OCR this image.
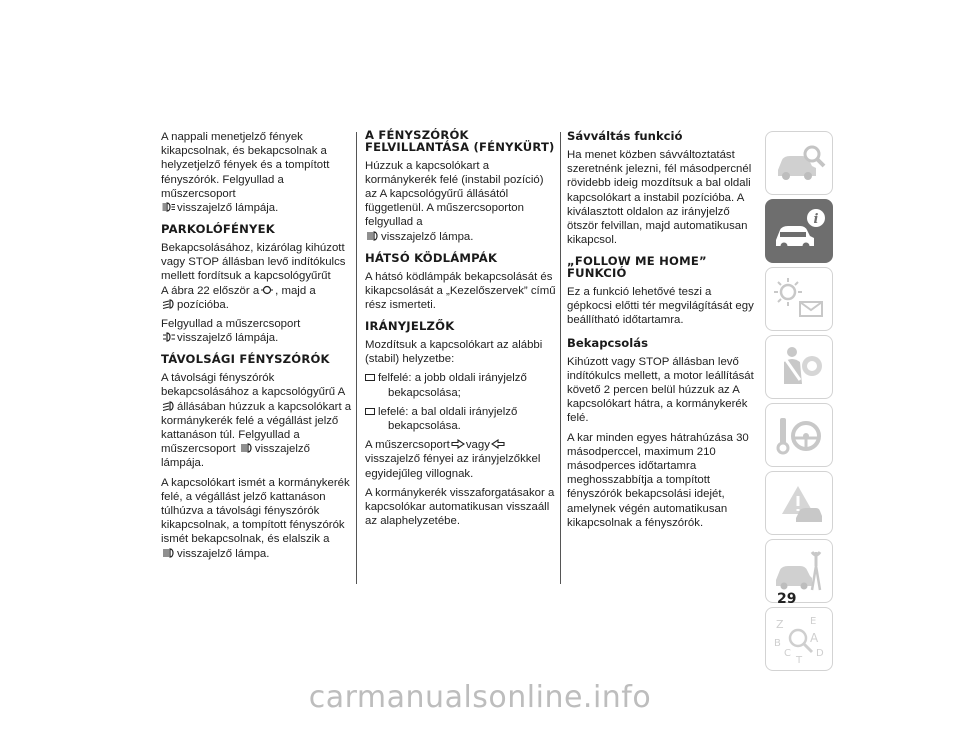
A nappali menetjelző fények kikapcsolnak, és bekapcsolnak a helyzetjelző fények és a tompított fényszórók. Felgyullad a műszercsoport

visszajelző lámpája.

PARKOLÓFÉNYEK

Bekapcsolásához, kizárólag kihúzott vagy STOP állásban levő indítókulcs mellett fordítsuk a kapcsológyűrűt
A ábra 22 először a , majd a

pozícióba.

Felgyullad a műszercsoport

visszajelző lámpája.

TÁVOLSÁGI FÉNYSZÓRÓK

A távolsági fényszórók bekapcsolásához a kapcsológyűrű A

állásában húzzuk a kapcsolókart a kormánykerék felé a végállást jelző kattanáson túl. Felgyullad a műszercsoport visszajelző lámpája.

A kapcsolókart ismét a kormánykerék felé, a végállást jelző kattanáson túlhúzva a távolsági fényszórók kikapcsolnak, a tompított fényszórók ismét bekapcsolnak, és elalszik a

visszajelző lámpa.

A FÉNYSZÓRÓK FELVILLANTÁSA (FÉNYKÜRT)

Húzzuk a kapcsolókart a kormánykerék felé (instabil pozíció) az A kapcsológyűrű állásától függetlenül. A műszercsoporton felgyullad a

visszajelző lámpa.

HÁTSÓ KÖDLÁMPÁK

A hátsó ködlámpák bekapcsolását és kikapcsolását a „Kezelőszervek” című rész ismerteti.

IRÁNYJELZŐK

Mozdítsuk a kapcsolókart az alábbi (stabil) helyzetbe:

felfelé: a jobb oldali irányjelző
bekapcsolása;
lefelé: a bal oldali irányjelző
bekapcsolása.

A műszercsoport vagy
visszajelző fényei az irányjelzőkkel egyidejűleg villognak.

A kormánykerék visszaforgatásakor a kapcsolókar automatikusan visszaáll az alaphelyzetébe.

Sávváltás funkció

Ha menet közben sávváltoztatást szeretnénk jelezni, fél másodpercnél rövidebb ideig mozdítsuk a bal oldali kapcsolókart a instabil pozícióba. A kiválasztott oldalon az irányjelző ötször felvillan, majd automatikusan kikapcsol.

„FOLLOW ME HOME” FUNKCIÓ

Ez a funkció lehetővé teszi a gépkocsi előtti tér megvilágítását egy beállítható időtartamra.

Bekapcsolás

Kihúzott vagy STOP állásban levő indítókulcs mellett, a motor leállítását követő 2 percen belül húzzuk az A kapcsolókart hátra, a kormánykerék felé.

A kar minden egyes hátrahúzása 30 másodperccel, maximum 210 másodperces időtartamra meghosszabbítja a tompított fényszórók bekapcsolási idejét, amelynek végén automatikusan kikapcsolnak a fényszórók.

i
Z	E
B A
C	D
T
29
carmanualsonline.info
